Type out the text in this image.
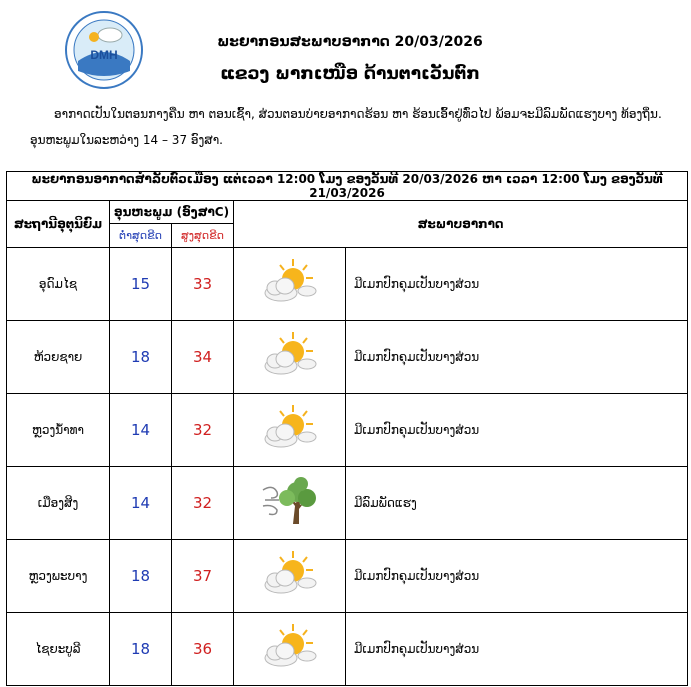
DMH
ພະຍາກອນສະພາບອາກາດ 20/03/2026
ແຂວງ ພາກເໜືອ ດ້ານຕາເວັນຕົກ
ອາກາດເປັນໃນຕອນກາງຄືນ ຫາ ຕອນເຊົ້າ, ສ່ວນຕອນບ່າຍອາກາດຮ້ອນ ຫາ ຮ້ອນເອົ້າຢູ່ທົ່ວໄປ ພ້ອມຈະມີລົມພັດແຮງບາງ ທ້ອງຖິ່ນ. ອຸນຫະພູມໃນລະຫວ່າງ 14 – 37 ອົງສາ.
ພະຍາກອນອາກາດສໍາລັບຕົວເມືອງ ແຕ່ເວລາ 12:00 ໂມງ ຂອງວັນທີ 20/03/2026 ຫາ ເວລາ 12:00 ໂມງ ຂອງວັນທີ 21/03/2026				
ສະຖານີອຸຕຸນິຍົມ	ອຸນຫະພູມ (ອົງສາC)		ສະພາບອາກາດ	
	ຕໍ່າສຸດຂີດ	ສູງສຸດຂີດ		
ອຸດົມໄຊ	15	33		ມີເມກປົກຄຸມເປັນບາງສ່ວນ
ຫ້ວຍຊາຍ	18	34		ມີເມກປົກຄຸມເປັນບາງສ່ວນ
ຫຼວງນໍ້າທາ	14	32		ມີເມກປົກຄຸມເປັນບາງສ່ວນ
ເມືອງສິງ	14	32		ມີລົມພັດແຮງ
ຫຼວງພະບາງ	18	37		ມີເມກປົກຄຸມເປັນບາງສ່ວນ
ໄຊຍະບູລີ	18	36		ມີເມກປົກຄຸມເປັນບາງສ່ວນ
